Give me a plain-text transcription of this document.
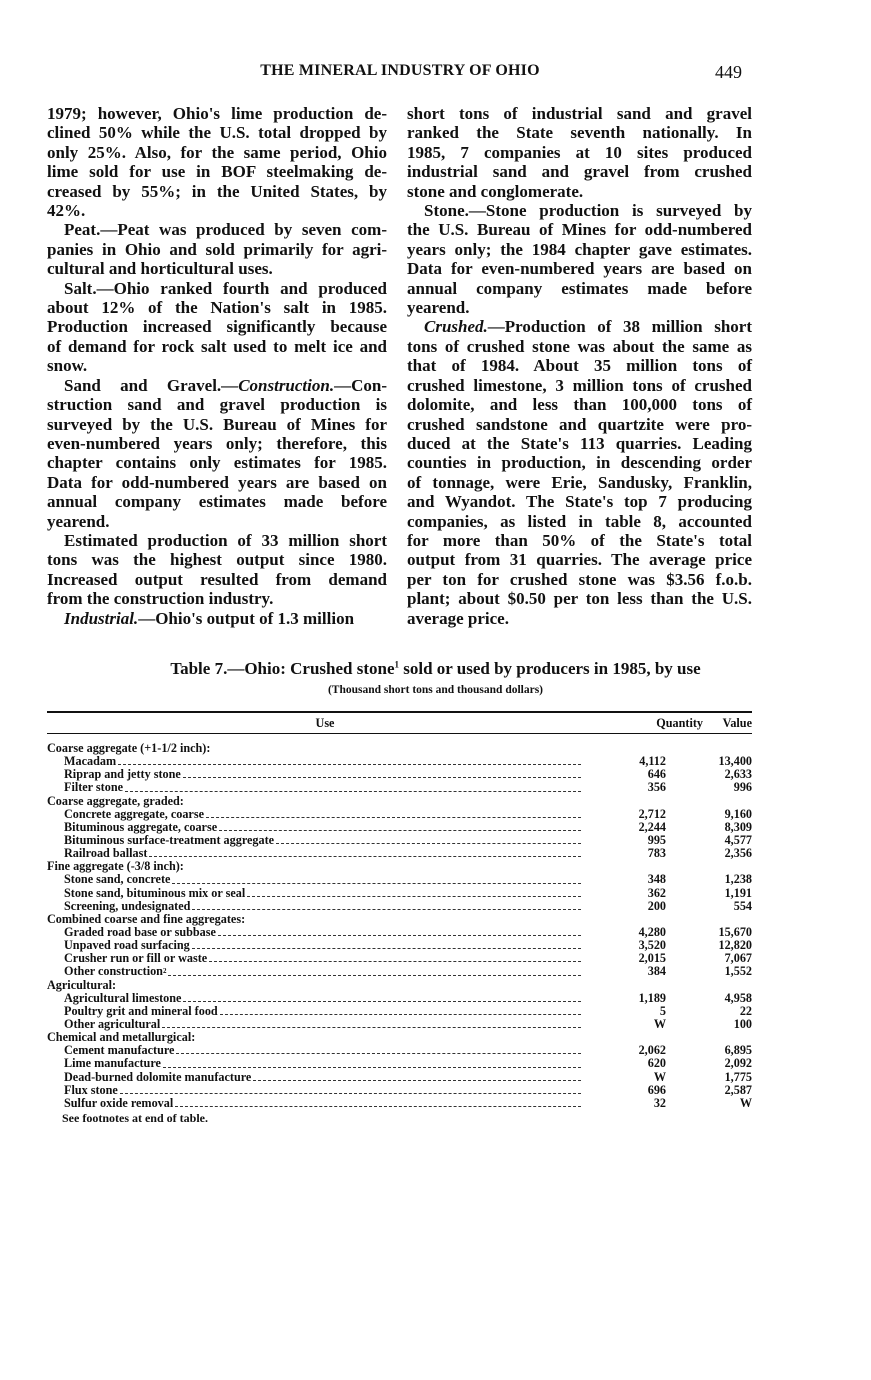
THE MINERAL INDUSTRY OF OHIO	449
1979; however, Ohio's lime production de-
clined 50% while the U.S. total dropped by
only 25%. Also, for the same period, Ohio
lime sold for use in BOF steelmaking de-
creased by 55%; in the United States, by
42%.
Peat.—Peat was produced by seven com-
panies in Ohio and sold primarily for agri-
cultural and horticultural uses.
Salt.—Ohio ranked fourth and produced
about 12% of the Nation's salt in 1985.
Production increased significantly because
of demand for rock salt used to melt ice and
snow.
Sand and Gravel.—Construction.—Con-
struction sand and gravel production is
surveyed by the U.S. Bureau of Mines for
even-numbered years only; therefore, this
chapter contains only estimates for 1985.
Data for odd-numbered years are based on
annual company estimates made before
yearend.
Estimated production of 33 million short
tons was the highest output since 1980.
Increased output resulted from demand
from the construction industry.
Industrial.—Ohio's output of 1.3 million
short tons of industrial sand and gravel
ranked the State seventh nationally. In
1985, 7 companies at 10 sites produced
industrial sand and gravel from crushed
stone and conglomerate.
Stone.—Stone production is surveyed by
the U.S. Bureau of Mines for odd-numbered
years only; the 1984 chapter gave estimates.
Data for even-numbered years are based on
annual company estimates made before
yearend.
Crushed.—Production of 38 million short
tons of crushed stone was about the same as
that of 1984. About 35 million tons of
crushed limestone, 3 million tons of crushed
dolomite, and less than 100,000 tons of
crushed sandstone and quartzite were pro-
duced at the State's 113 quarries. Leading
counties in production, in descending order
of tonnage, were Erie, Sandusky, Franklin,
and Wyandot. The State's top 7 producing
companies, as listed in table 8, accounted
for more than 50% of the State's total
output from 31 quarries. The average price
per ton for crushed stone was $3.56 f.o.b.
plant; about $0.50 per ton less than the U.S.
average price.
Table 7.—Ohio: Crushed stone$^1$ sold or used by producers in 1985, by use
(Thousand short tons and thousand dollars)
Use	Quantity	Value
Coarse aggregate (+1-1/2 inch):
Macadam	4,112	13,400
Riprap and jetty stone	646	2,633
Filter stone	356	996
Coarse aggregate, graded:
Concrete aggregate, coarse	2,712	9,160
Bituminous aggregate, coarse	2,244	8,309
Bituminous surface-treatment aggregate	995	4,577
Railroad ballast	783	2,356
Fine aggregate (-3/8 inch):
Stone sand, concrete	348	1,238
Stone sand, bituminous mix or seal	362	1,191
Screening, undesignated	200	554
Combined coarse and fine aggregates:
Graded road base or subbase	4,280	15,670
Unpaved road surfacing	3,520	12,820
Crusher run or fill or waste	2,015	7,067
Other construction 2	384	1,552
Agricultural:
Agricultural limestone	1,189	4,958
Poultry grit and mineral food	5	22
Other agricultural	W	100
Chemical and metallurgical:
Cement manufacture	2,062	6,895
Lime manufacture	620	2,092
Dead-burned dolomite manufacture	W	1,775
Flux stone	696	2,587
Sulfur oxide removal	32	W
See footnotes at end of table.
